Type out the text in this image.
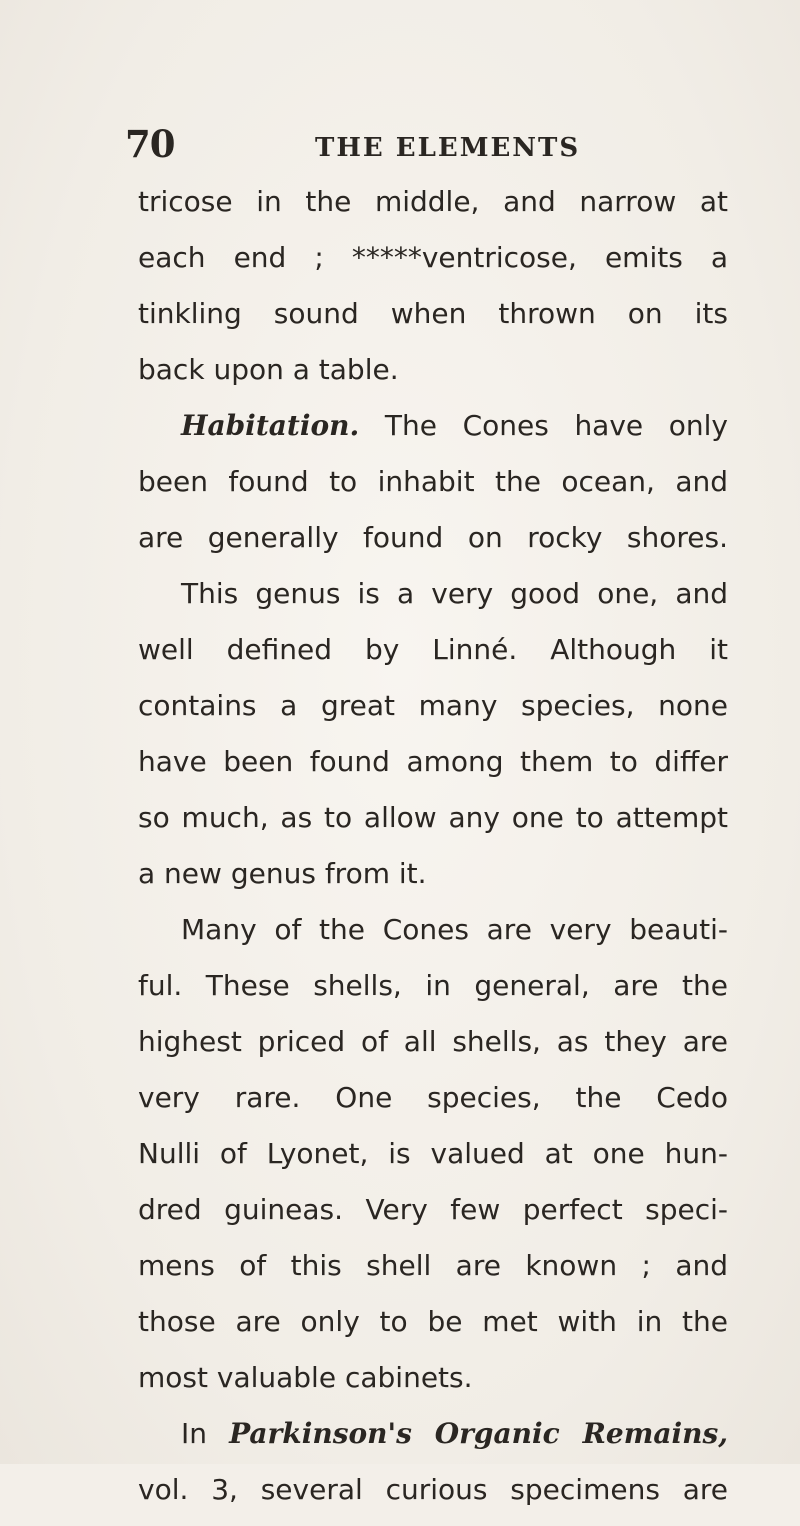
70	THE ELEMENTS
tricose in the middle, and narrow at
each end ; *****ventricose, emits a
tinkling sound when thrown on its
back upon a table.
Habitation. The Cones have only
been found to inhabit the ocean, and
are generally found on rocky shores.
This genus is a very good one, and
well defined by Linné. Although it
contains a great many species, none
have been found among them to differ
so much, as to allow any one to attempt
a new genus from it.
Many of the Cones are very beauti-
ful. These shells, in general, are the
highest priced of all shells, as they are
very rare. One species, the Cedo
Nulli of Lyonet, is valued at one hun-
dred guineas. Very few perfect speci-
mens of this shell are known ; and
those are only to be met with in the
most valuable cabinets.
In Parkinson's Organic Remains,
vol. 3, several curious specimens are
